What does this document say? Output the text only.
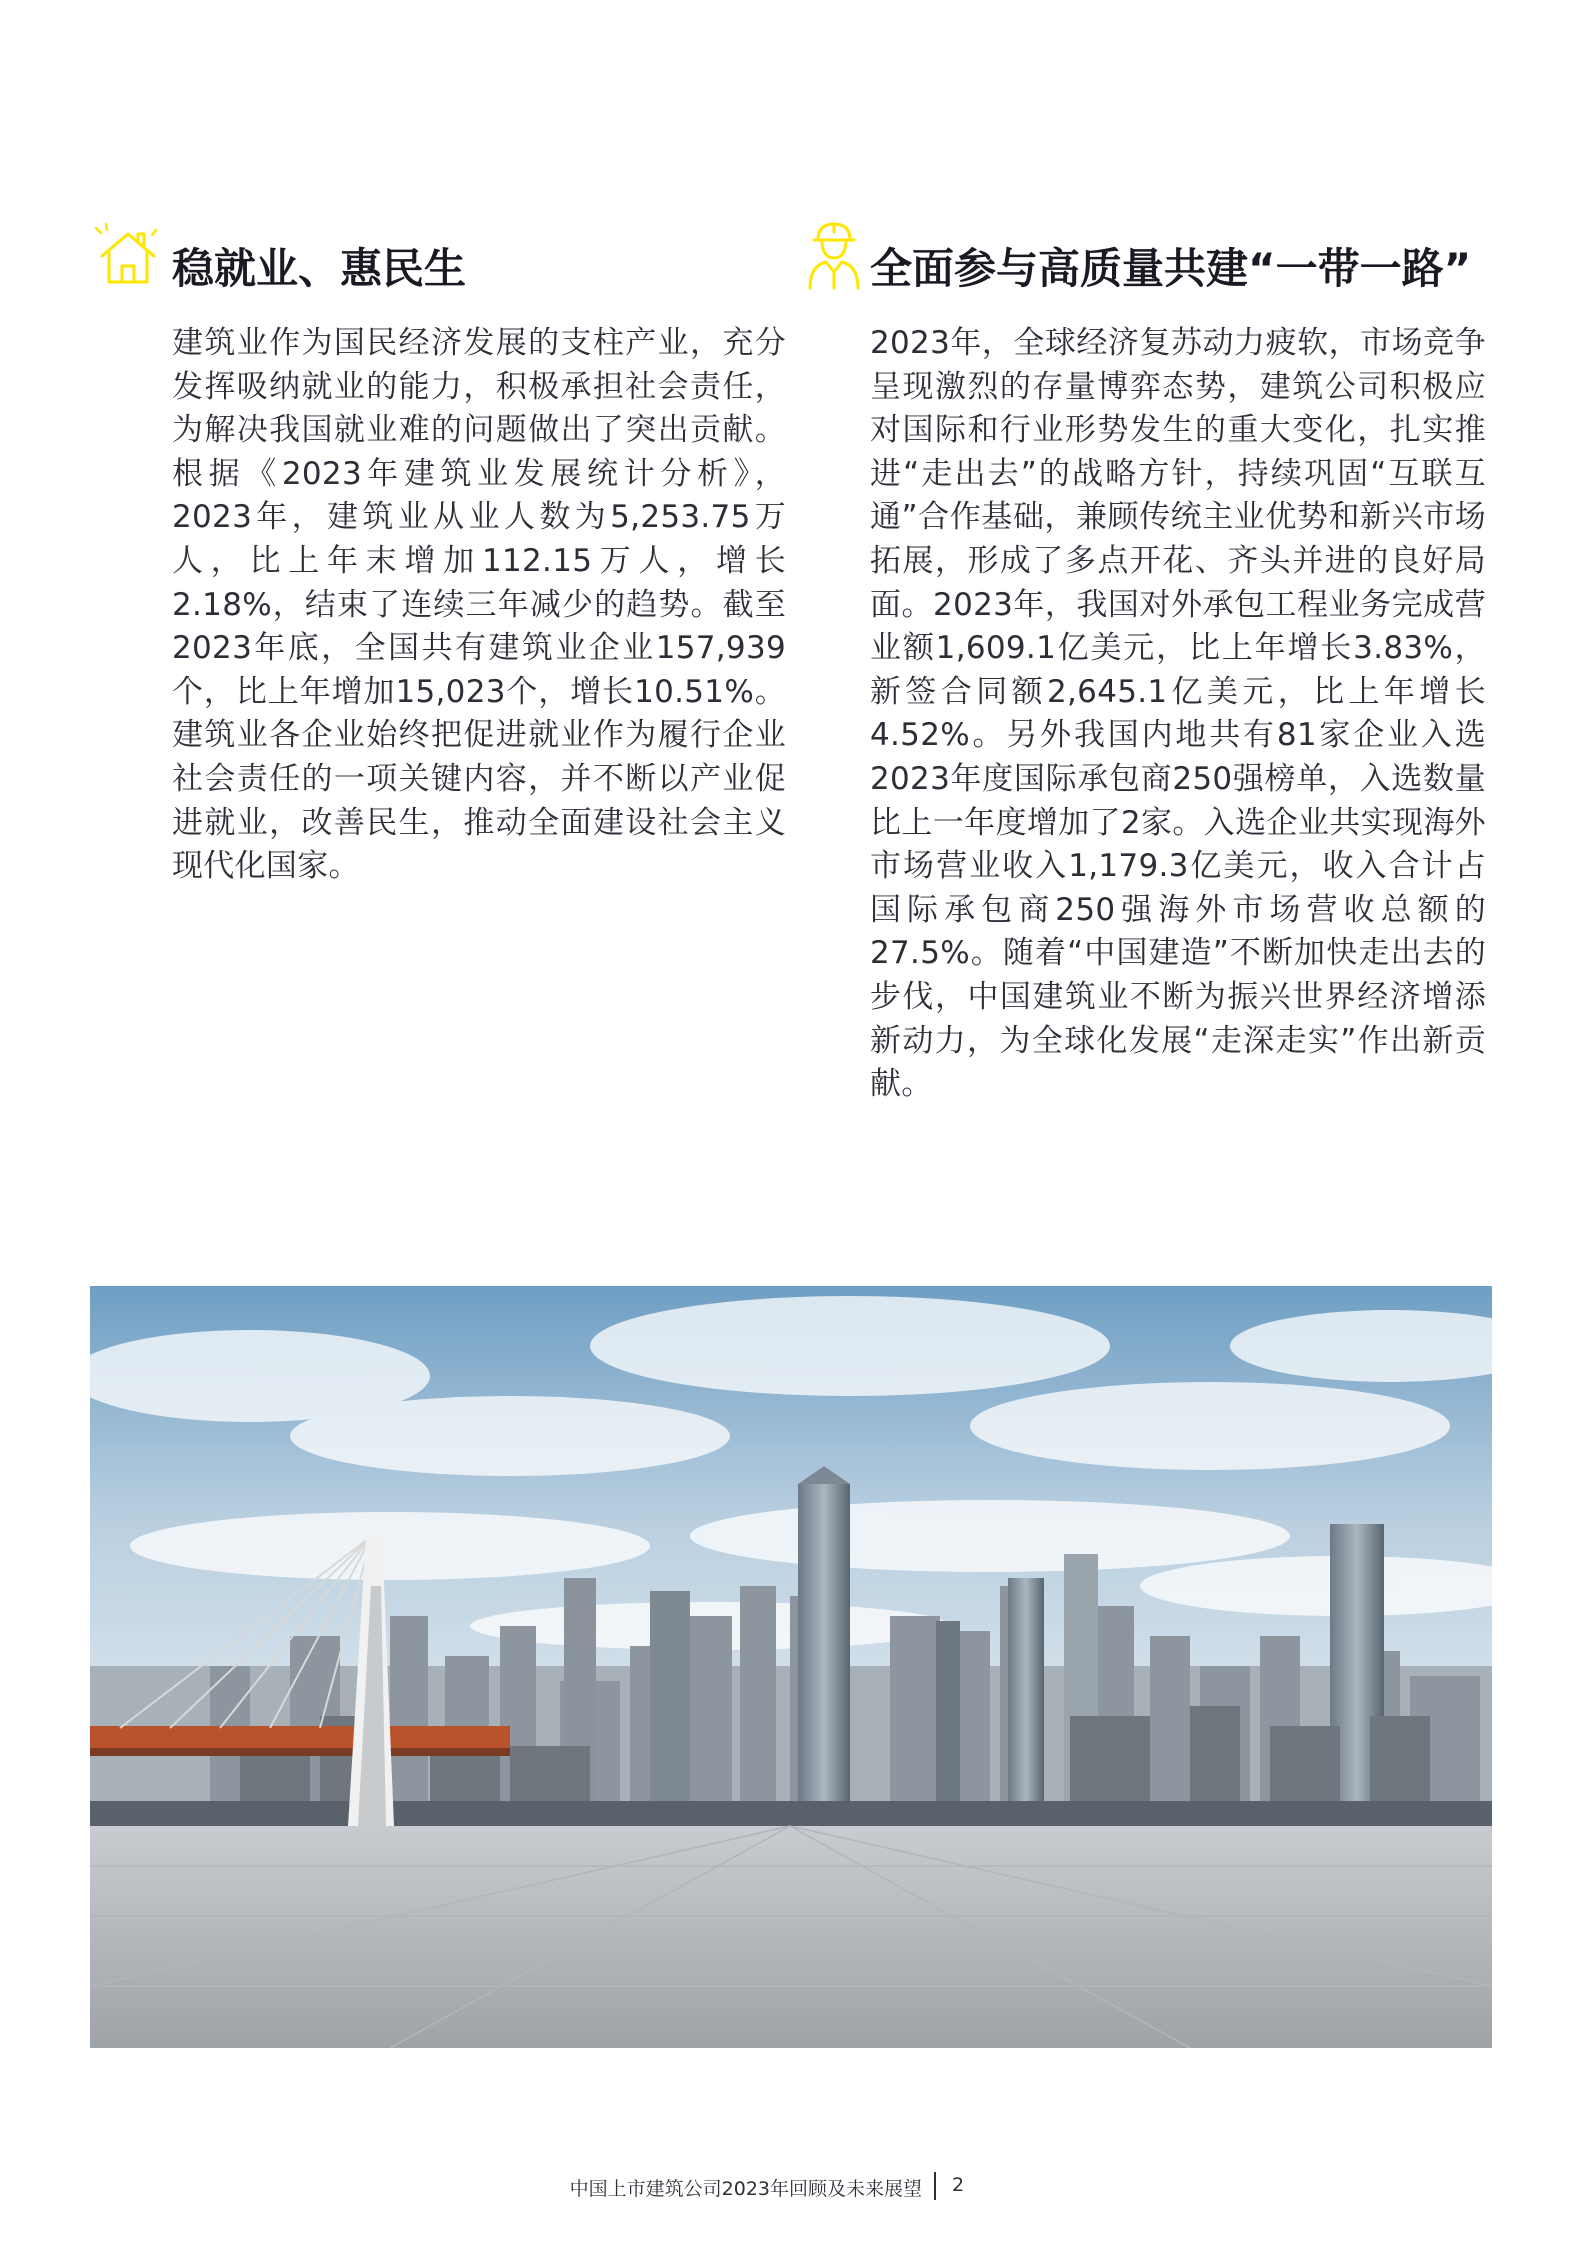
稳就业、惠民生

建筑业作为国民经济发展的支柱产业，充分发挥吸纳就业的能力，积极承担社会责任，为解决我国就业难的问题做出了突出贡献。根据《2023年建筑业发展统计分析》，2023年，建筑业从业人数为5,253.75万人，比上年末增加112.15万人，增长2.18%，结束了连续三年减少的趋势。截至2023年底，全国共有建筑业企业157,939个，比上年增加15,023个，增长10.51%。建筑业各企业始终把促进就业作为履行企业社会责任的一项关键内容，并不断以产业促进就业，改善民生，推动全面建设社会主义现代化国家。

全面参与高质量共建“一带一路”

2023年，全球经济复苏动力疲软，市场竞争呈现激烈的存量博弈态势，建筑公司积极应对国际和行业形势发生的重大变化，扎实推进“走出去”的战略方针，持续巩固“互联互通”合作基础，兼顾传统主业优势和新兴市场拓展，形成了多点开花、齐头并进的良好局面。2023年，我国对外承包工程业务完成营业额1,609.1亿美元，比上年增长3.83%，新签合同额2,645.1亿美元，比上年增长4.52%。另外我国内地共有81家企业入选2023年度国际承包商250强榜单，入选数量比上一年度增加了2家。入选企业共实现海外市场营业收入1,179.3亿美元，收入合计占国际承包商250强海外市场营收总额的27.5%。随着“中国建造”不断加快走出去的步伐，中国建筑业不断为振兴世界经济增添新动力，为全球化发展“走深走实”作出新贡献。

中国上市建筑公司2023年回顾及未来展望 2
